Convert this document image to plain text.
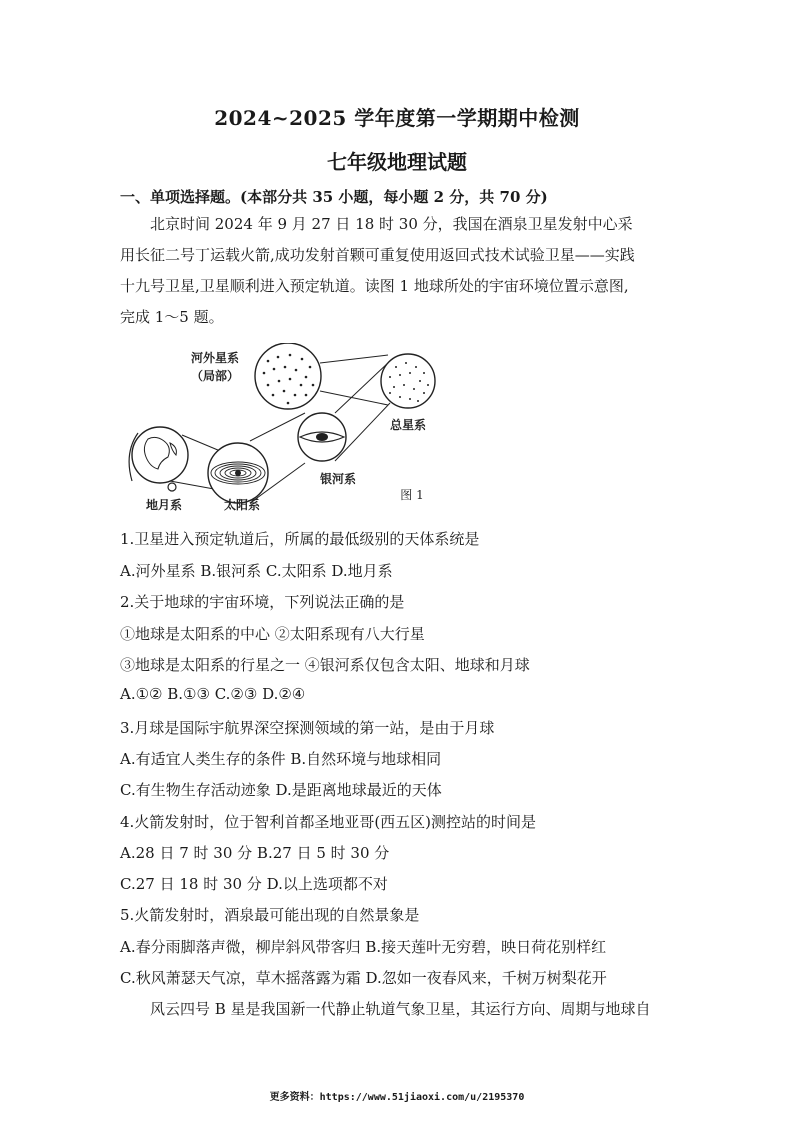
2024~2025 学年度第一学期期中检测
七年级地理试题
一、单项选择题。(本部分共 35 小题，每小题 2 分，共 70 分)

北京时间 2024 年 9 月 27 日 18 时 30 分，我国在酒泉卫星发射中心采

用长征二号丁运载火箭,成功发射首颗可重复使用返回式技术试验卫星——实践

十九号卫星,卫星顺利进入预定轨道。读图 1 地球所处的宇宙环境位置示意图,

完成 1～5 题。

河外星系
（局部）
总星系
银河系
地月系	太阳系
图 1
1.卫星进入预定轨道后，所属的最低级别的天体系统是
A.河外星系 B.银河系 C.太阳系 D.地月系
2.关于地球的宇宙环境，下列说法正确的是
①地球是太阳系的中心 ②太阳系现有八大行星
③地球是太阳系的行星之一 ④银河系仅包含太阳、地球和月球
A.①② B.①③ C.②③ D.②④
3.月球是国际宇航界深空探测领域的第一站，是由于月球
A.有适宜人类生存的条件 B.自然环境与地球相同
C.有生物生存活动迹象 D.是距离地球最近的天体
4.火箭发射时，位于智利首都圣地亚哥(西五区)测控站的时间是
A.28 日 7 时 30 分 B.27 日 5 时 30 分
C.27 日 18 时 30 分 D.以上选项都不对
5.火箭发射时，酒泉最可能出现的自然景象是
A.春分雨脚落声微，柳岸斜风带客归 B.接天莲叶无穷碧，映日荷花别样红
C.秋风萧瑟天气凉，草木摇落露为霜 D.忽如一夜春风来，千树万树梨花开
风云四号 B 星是我国新一代静止轨道气象卫星，其运行方向、周期与地球自
更多资料：https://www.51jiaoxi.com/u/2195370
